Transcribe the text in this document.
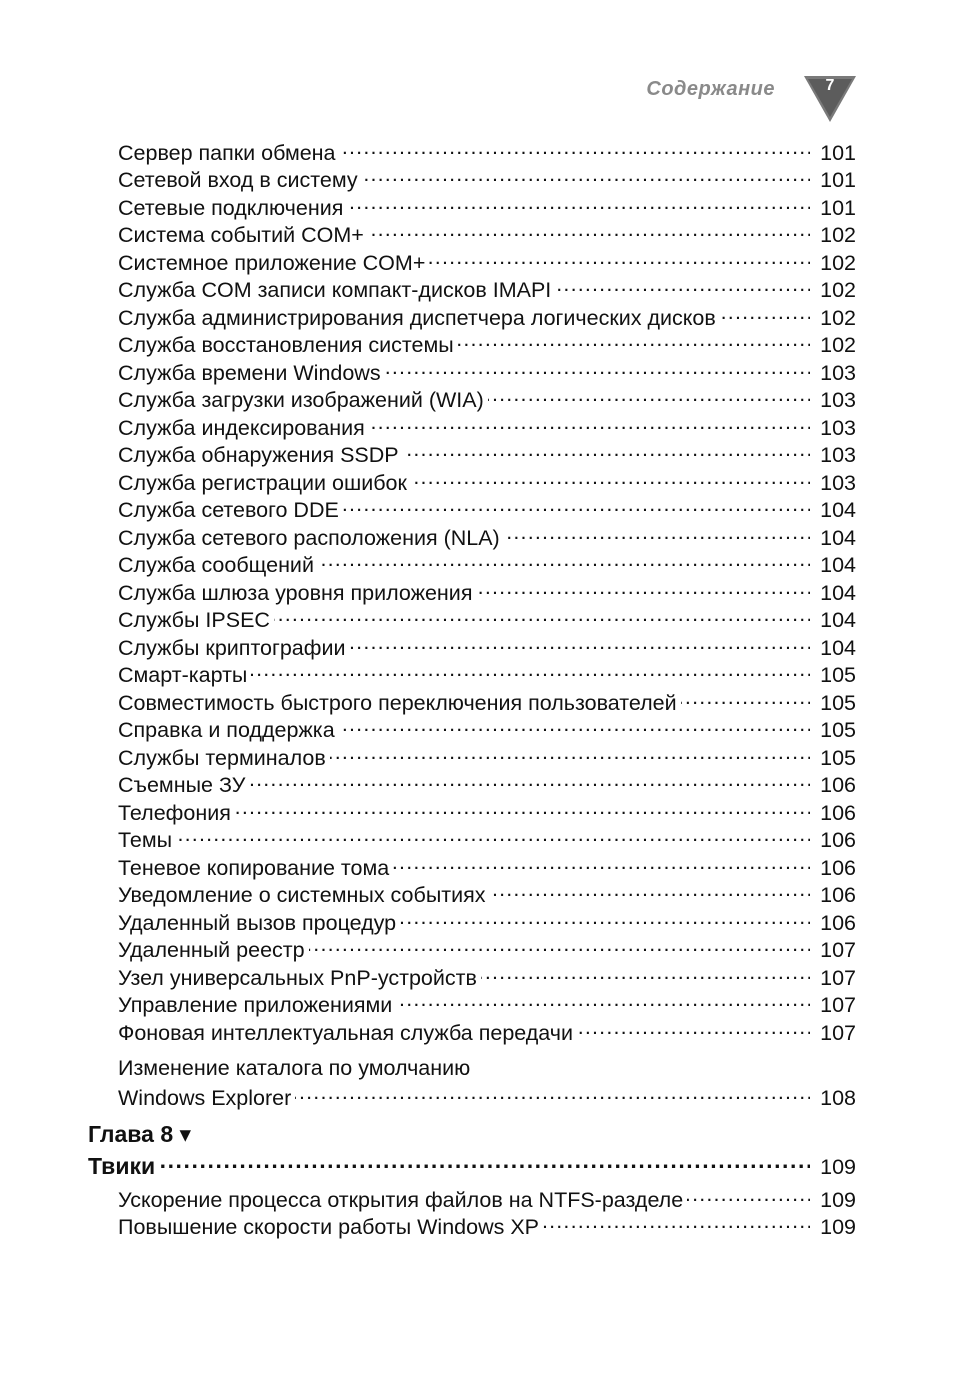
Содержание	7
Сервер папки обмена . . .	101
Сетевой вход в систему . . .	101
Сетевые подключения . . .	101
Система событий COM+ . . .	102
Системное приложение COM+ . . .	102
Служба COM записи компакт-дисков IMAPI . . .	102
Служба администрирования диспетчера логических дисков . . .	102
Служба восстановления системы . . .	102
Служба времени Windows . . .	103
Служба загрузки изображений (WIA) . . .	103
Служба индексирования . . .	103
Служба обнаружения SSDP . . .	103
Служба регистрации ошибок . . .	103
Служба сетевого DDE . . .	104
Служба сетевого расположения (NLA) . . .	104
Служба сообщений . . .	104
Служба шлюза уровня приложения . . .	104
Службы IPSEC . . .	104
Службы криптографии . . .	104
Смарт-карты . . .	105
Совместимость быстрого переключения пользователей . . .	105
Справка и поддержка . . .	105
Службы терминалов . . .	105
Съемные ЗУ . . .	106
Телефония . . .	106
Темы . . .	106
Теневое копирование тома . . .	106
Уведомление о системных событиях . . .	106
Удаленный вызов процедур . . .	106
Удаленный реестр . . .	107
Узел универсальных PnP-устройств . . .	107
Управление приложениями . . .	107
Фоновая интеллектуальная служба передачи . . .	107
Изменение каталога по умолчанию
Windows Explorer . . .	108
Глава 8 ▾
Твики . . .	109
Ускорение процесса открытия файлов на NTFS-разделе . . .	109
Повышение скорости работы Windows XP . . .	109
